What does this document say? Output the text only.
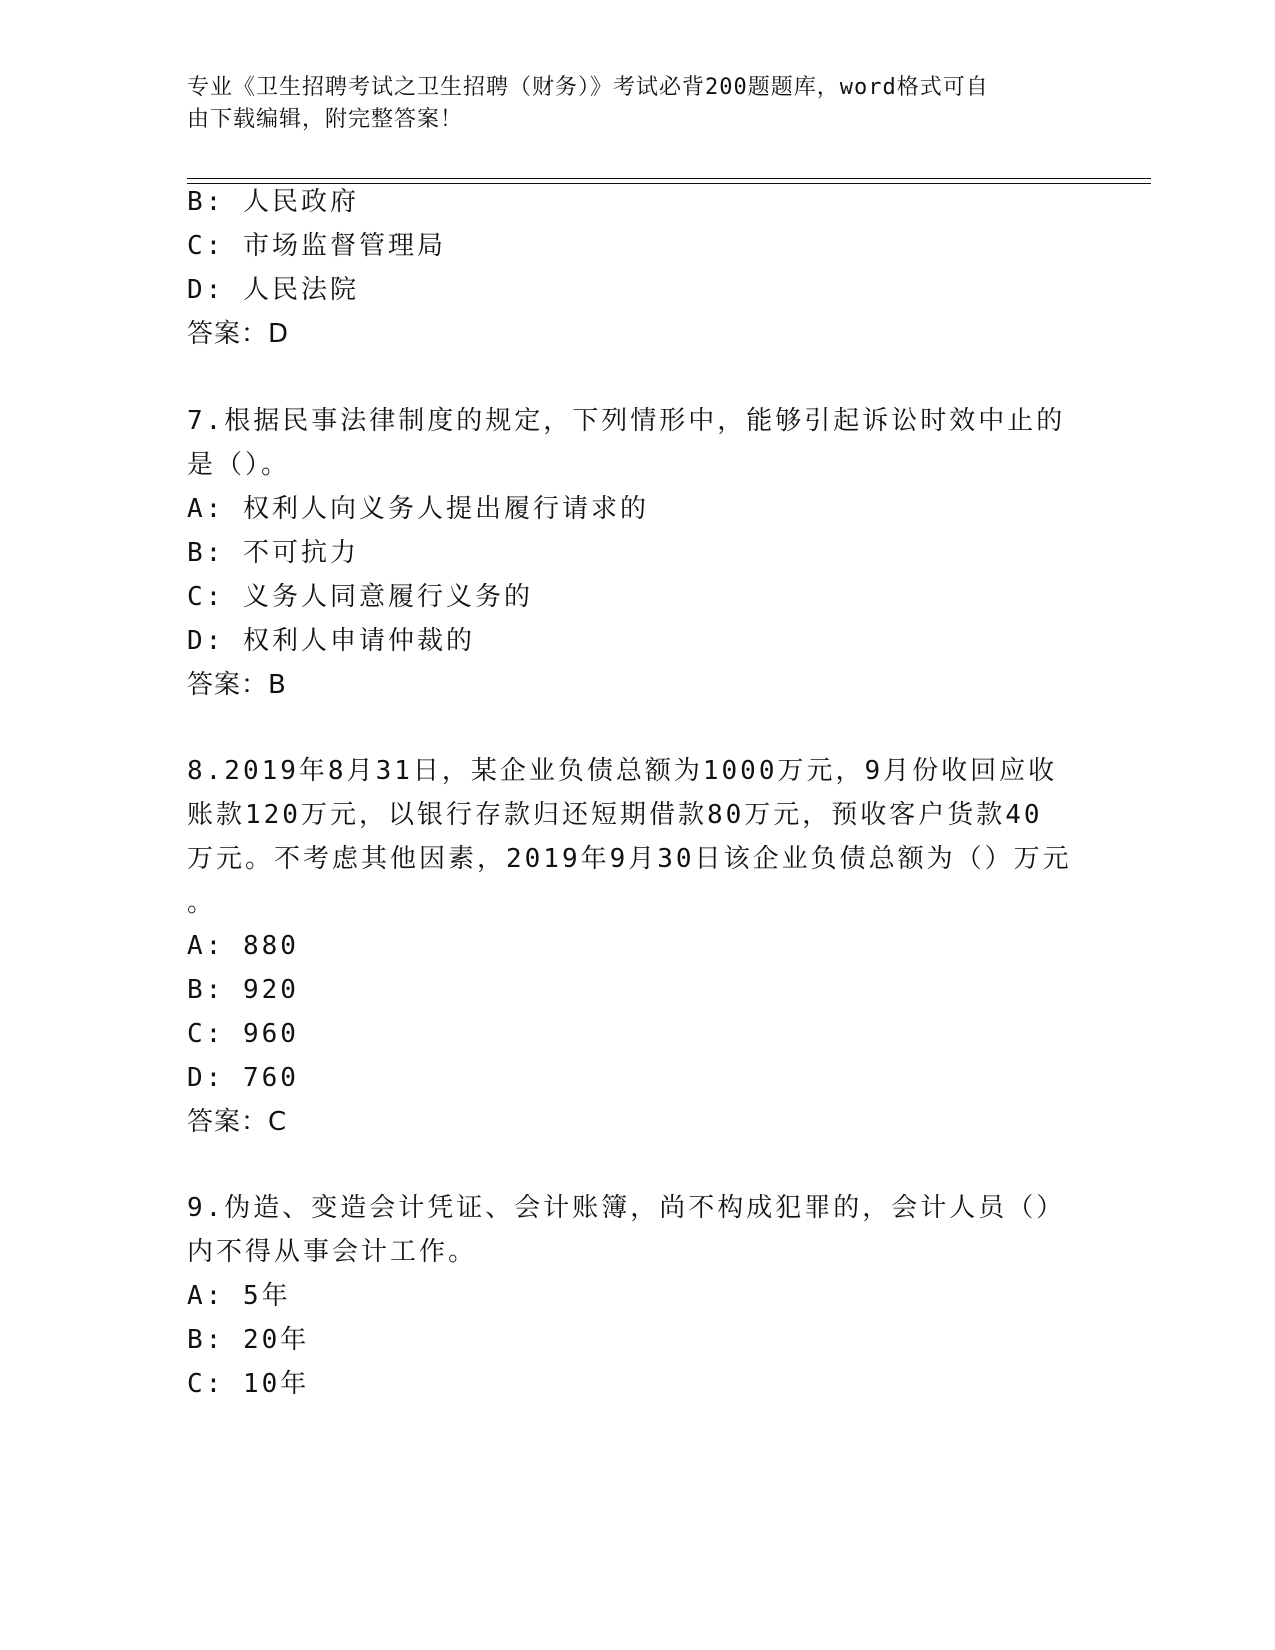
专业《卫生招聘考试之卫生招聘（财务）》考试必背200题题库，word格式可自
由下载编辑，附完整答案！
B: 人民政府
C: 市场监督管理局
D: 人民法院
答案：D
7.根据民事法律制度的规定，下列情形中，能够引起诉讼时效中止的
是（）。
A: 权利人向义务人提出履行请求的
B: 不可抗力
C: 义务人同意履行义务的
D: 权利人申请仲裁的
答案：B
8.2019年8月31日，某企业负债总额为1000万元，9月份收回应收
账款120万元，以银行存款归还短期借款80万元，预收客户货款40
万元。不考虑其他因素，2019年9月30日该企业负债总额为（）万元
。
A: 880
B: 920
C: 960
D: 760
答案：C
9.伪造、变造会计凭证、会计账簿，尚不构成犯罪的，会计人员（）
内不得从事会计工作。
A: 5年
B: 20年
C: 10年
